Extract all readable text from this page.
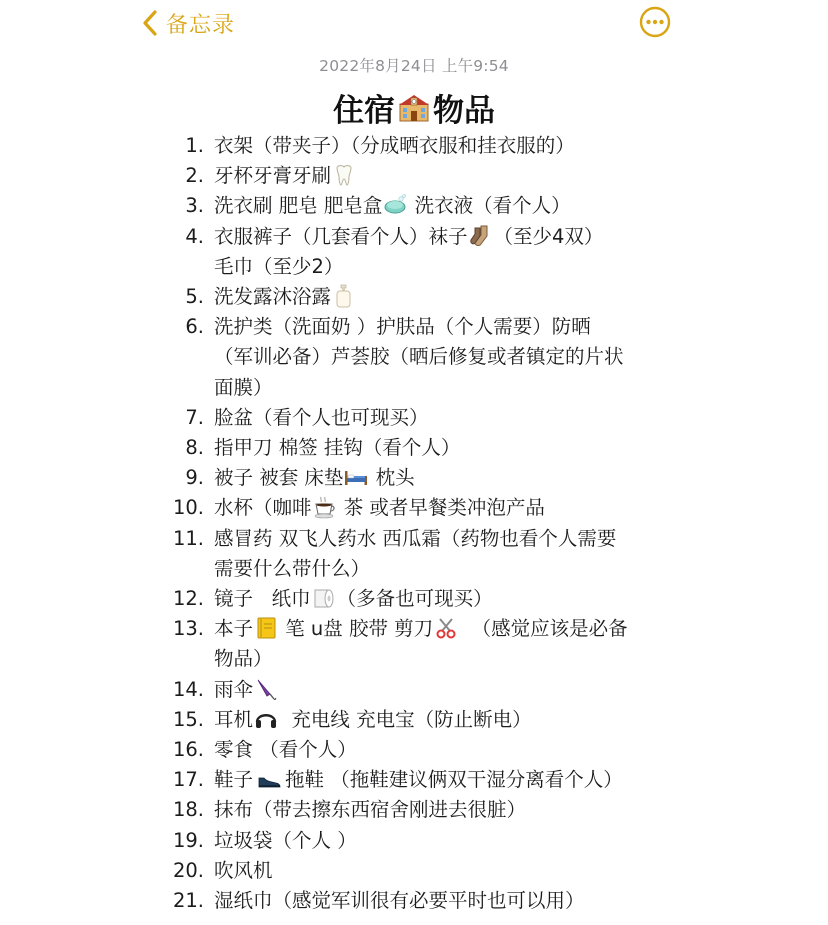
备忘录
2022年8月24日 上午9:54
住宿 物品
1. 衣架（带夹子）（分成晒衣服和挂衣服的）
2. 牙杯牙膏牙刷
3. 洗衣刷 肥皂 肥皂盒 洗衣液（看个人）
4. 衣服裤子（几套看个人）袜子 （至少4双）
毛巾（至少2）
5. 洗发露沐浴露
6. 洗护类（洗面奶 ）护肤品（个人需要）防晒
（军训必备）芦荟胶（晒后修复或者镇定的片状
面膜）
7. 脸盆（看个人也可现买）
8. 指甲刀 棉签 挂钩（看个人）
9. 被子 被套 床垫 枕头
10. 水杯（咖啡 茶 或者早餐类冲泡产品
11. 感冒药 双飞人药水 西瓜霜（药物也看个人需要
需要什么带什么）
12. 镜子   纸巾 （多备也可现买）
13. 本子 笔 u盘 胶带 剪刀  （感觉应该是必备
物品）
14. 雨伞
15. 耳机  充电线 充电宝（防止断电）
16. 零食 （看个人）
17. 鞋子 拖鞋 （拖鞋建议俩双干湿分离看个人）
18. 抹布（带去擦东西宿舍刚进去很脏）
19. 垃圾袋（个人 ）
20. 吹风机
21. 湿纸巾（感觉军训很有必要平时也可以用）
